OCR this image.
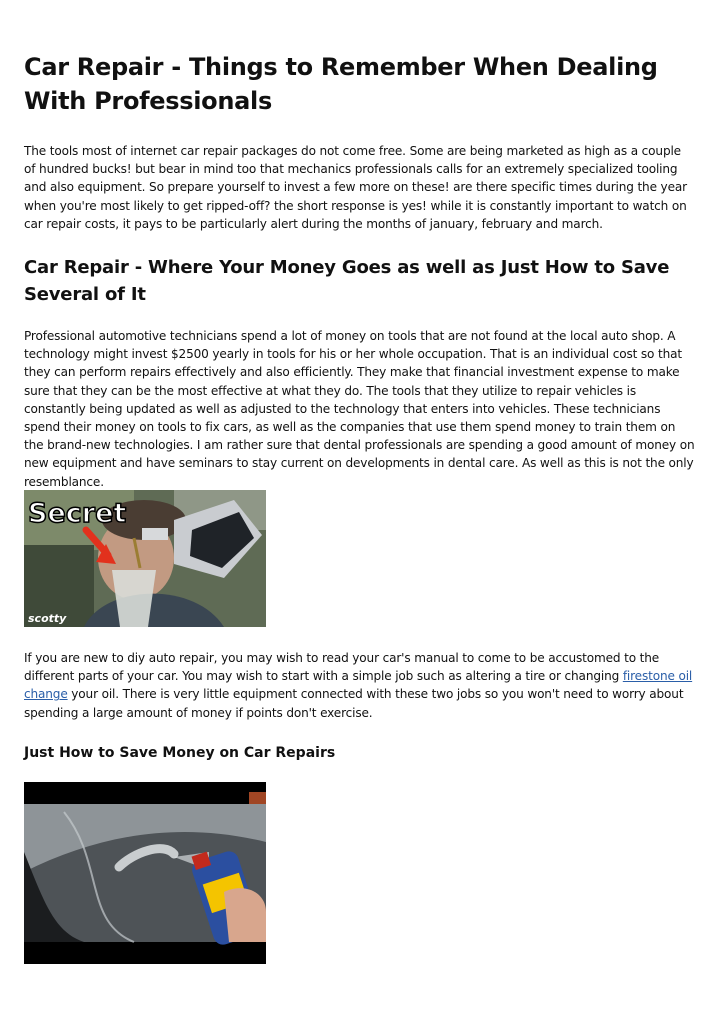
Car Repair - Things to Remember When Dealing With Professionals

The tools most of internet car repair packages do not come free. Some are being marketed as high as a couple of hundred bucks! but bear in mind too that mechanics professionals calls for an extremely specialized tooling and also equipment. So prepare yourself to invest a few more on these! are there specific times during the year when you're most likely to get ripped-off? the short response is yes! while it is constantly important to watch on car repair costs, it pays to be particularly alert during the months of january, february and march.

Car Repair - Where Your Money Goes as well as Just How to Save Several of It

Professional automotive technicians spend a lot of money on tools that are not found at the local auto shop. A technology might invest $2500 yearly in tools for his or her whole occupation. That is an individual cost so that they can perform repairs effectively and also efficiently. They make that financial investment expense to make sure that they can be the most effective at what they do. The tools that they utilize to repair vehicles is constantly being updated as well as adjusted to the technology that enters into vehicles. These technicians spend their money on tools to fix cars, as well as the companies that use them spend money to train them on the brand-new technologies. I am rather sure that dental professionals are spending a good amount of money on new equipment and have seminars to stay current on developments in dental care. As well as this is not the only resemblance.

Secret
scotty

If you are new to diy auto repair, you may wish to read your car's manual to come to be accustomed to the different parts of your car. You may wish to start with a simple job such as altering a tire or changing firestone oil change your oil. There is very little equipment connected with these two jobs so you won't need to worry about spending a large amount of money if points don't exercise.

Just How to Save Money on Car Repairs
